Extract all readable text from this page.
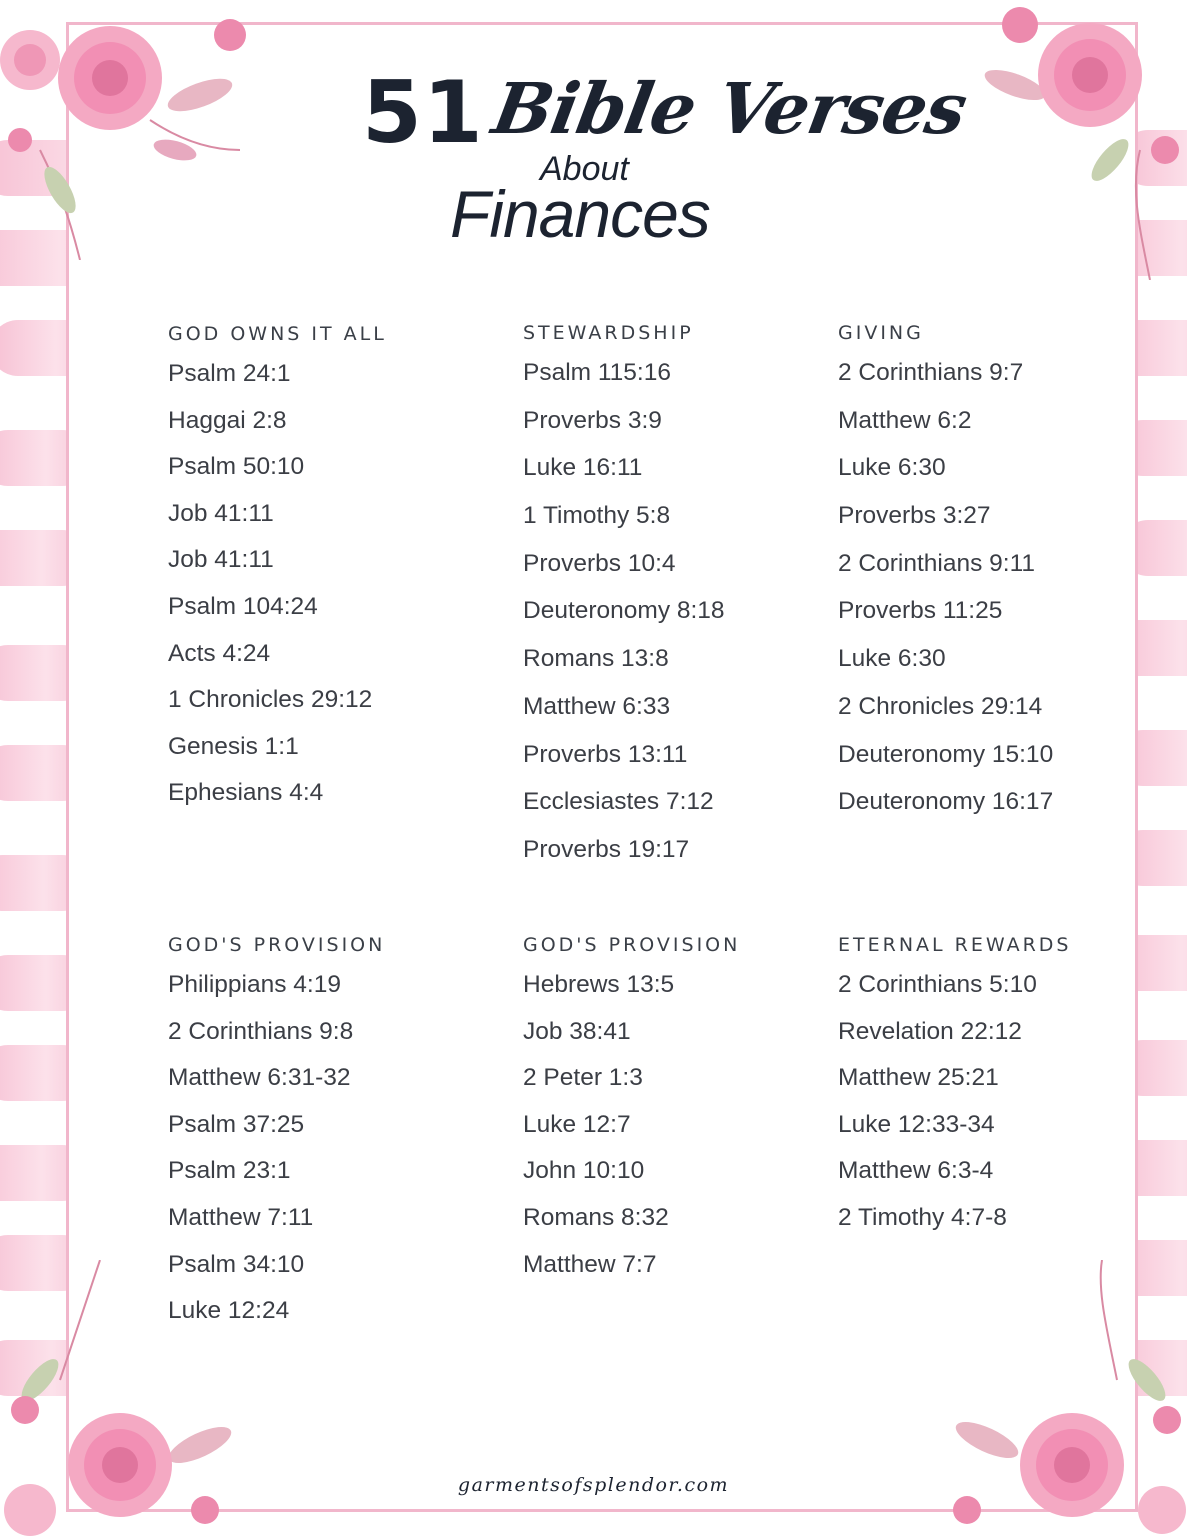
51 Bible Verses
About
Finances
GOD OWNS IT ALL
Psalm 24:1
Haggai 2:8
Psalm 50:10
Job 41:11
Job 41:11
Psalm 104:24
Acts 4:24
1 Chronicles 29:12
Genesis 1:1
Ephesians 4:4
STEWARDSHIP
Psalm 115:16
Proverbs 3:9
Luke 16:11
1 Timothy 5:8
Proverbs 10:4
Deuteronomy 8:18
Romans 13:8
Matthew 6:33
Proverbs 13:11
Ecclesiastes 7:12
Proverbs 19:17
GIVING
2 Corinthians 9:7
Matthew 6:2
Luke 6:30
Proverbs 3:27
2 Corinthians 9:11
Proverbs 11:25
Luke 6:30
2 Chronicles 29:14
Deuteronomy 15:10
Deuteronomy 16:17
GOD'S PROVISION
Philippians 4:19
2 Corinthians 9:8
Matthew 6:31-32
Psalm 37:25
Psalm 23:1
Matthew 7:11
Psalm 34:10
Luke 12:24
GOD'S PROVISION
Hebrews 13:5
Job 38:41
2 Peter 1:3
Luke 12:7
John 10:10
Romans 8:32
Matthew 7:7
ETERNAL REWARDS
2 Corinthians 5:10
Revelation 22:12
Matthew 25:21
Luke 12:33-34
Matthew 6:3-4
2 Timothy 4:7-8
garmentsofsplendor.com
